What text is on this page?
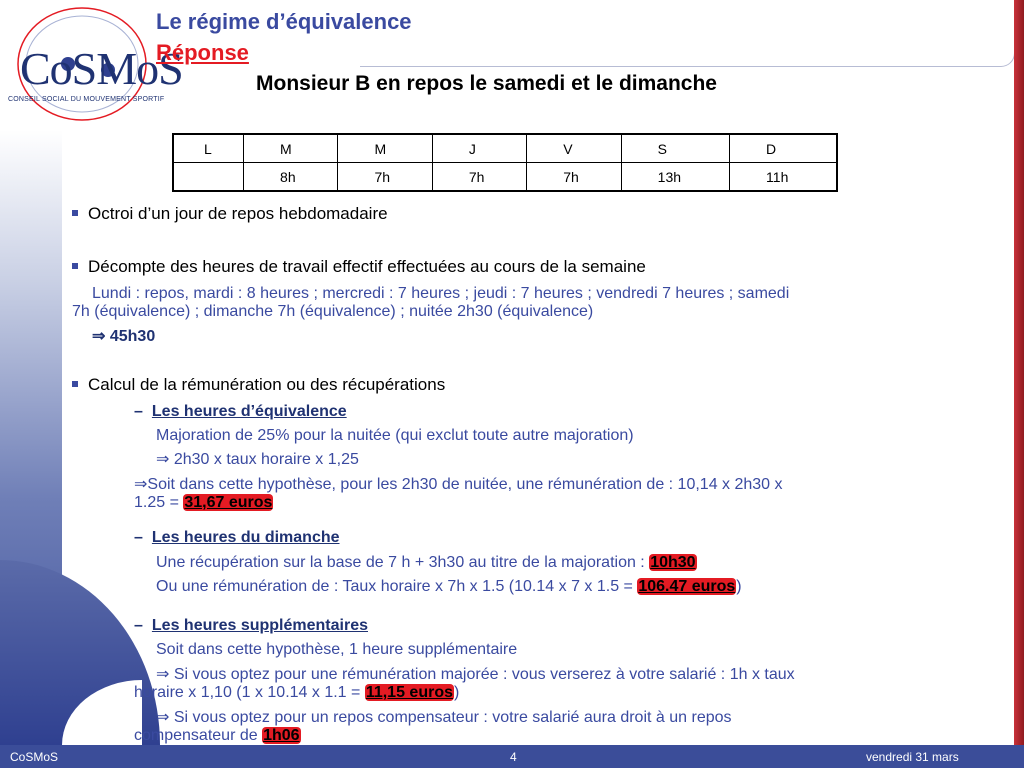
CoSMoS
CONSEIL SOCIAL DU MOUVEMENT SPORTIF
Le régime d’équivalence
Réponse
Monsieur B en repos le samedi et le dimanche
L	M	M	J	V	S	D
	8h	7h	7h	7h	13h	11h
Octroi d’un jour de repos hebdomadaire
Décompte des heures de travail effectif effectuées au cours de la semaine
Lundi : repos, mardi : 8 heures ; mercredi : 7 heures ; jeudi : 7 heures ; vendredi 7 heures ; samedi
7h (équivalence) ; dimanche 7h (équivalence) ; nuitée 2h30 (équivalence)
⇒ 45h30
Calcul de la rémunération ou des récupérations
– Les heures d’équivalence
Majoration de 25% pour la nuitée (qui exclut toute autre majoration)
⇒ 2h30 x taux horaire x 1,25
⇒Soit dans cette hypothèse, pour les 2h30 de nuitée, une rémunération de : 10,14 x 2h30 x
1.25 = 31,67 euros
– Les heures du dimanche
Une récupération sur la base de 7 h + 3h30 au titre de la majoration : 10h30
Ou une rémunération de : Taux horaire x 7h x 1.5 (10.14 x 7 x 1.5 = 106.47 euros)
– Les heures supplémentaires
Soit dans cette hypothèse, 1 heure supplémentaire
⇒ Si vous optez pour une rémunération majorée : vous verserez à votre salarié : 1h x taux
horaire x 1,10 (1 x 10.14 x 1.1 = 11,15 euros)
⇒ Si vous optez pour un repos compensateur : votre salarié aura droit à un repos
compensateur de 1h06
CoSMoS	4	vendredi 31 mars
